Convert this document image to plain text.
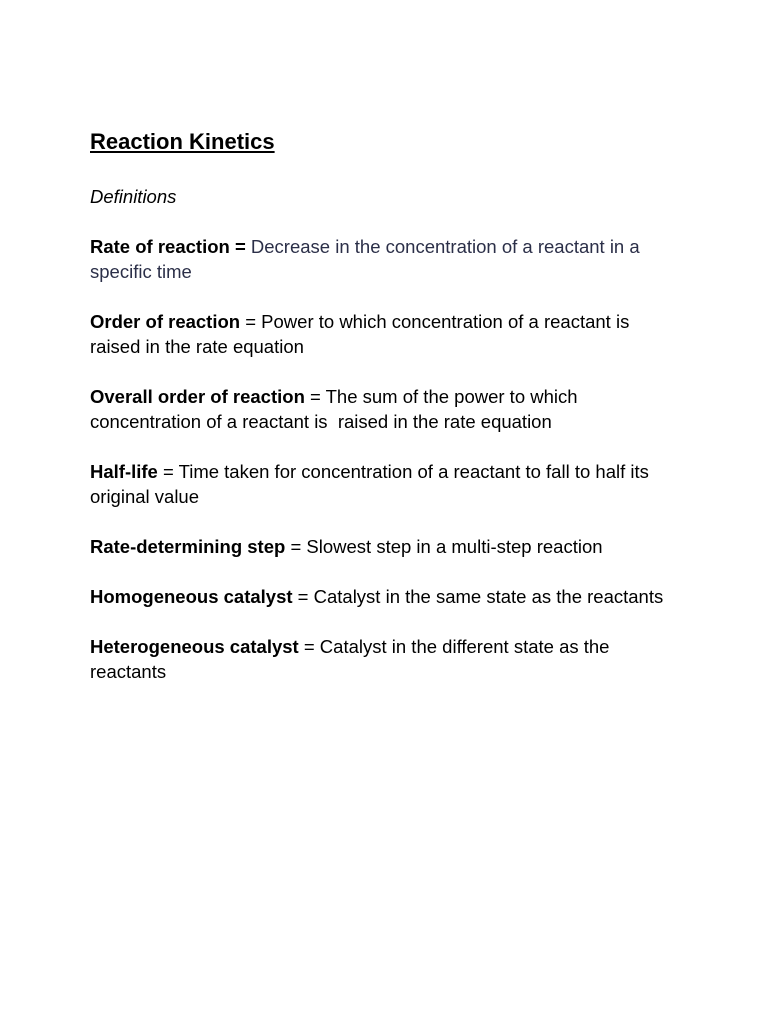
Reaction Kinetics

Definitions

Rate of reaction = Decrease in the concentration of a reactant in a specific time

Order of reaction = Power to which concentration of a reactant is raised in the rate equation

Overall order of reaction = The sum of the power to which concentration of a reactant is  raised in the rate equation

Half-life = Time taken for concentration of a reactant to fall to half its original value

Rate-determining step = Slowest step in a multi-step reaction

Homogeneous catalyst = Catalyst in the same state as the reactants

Heterogeneous catalyst = Catalyst in the different state as the reactants
